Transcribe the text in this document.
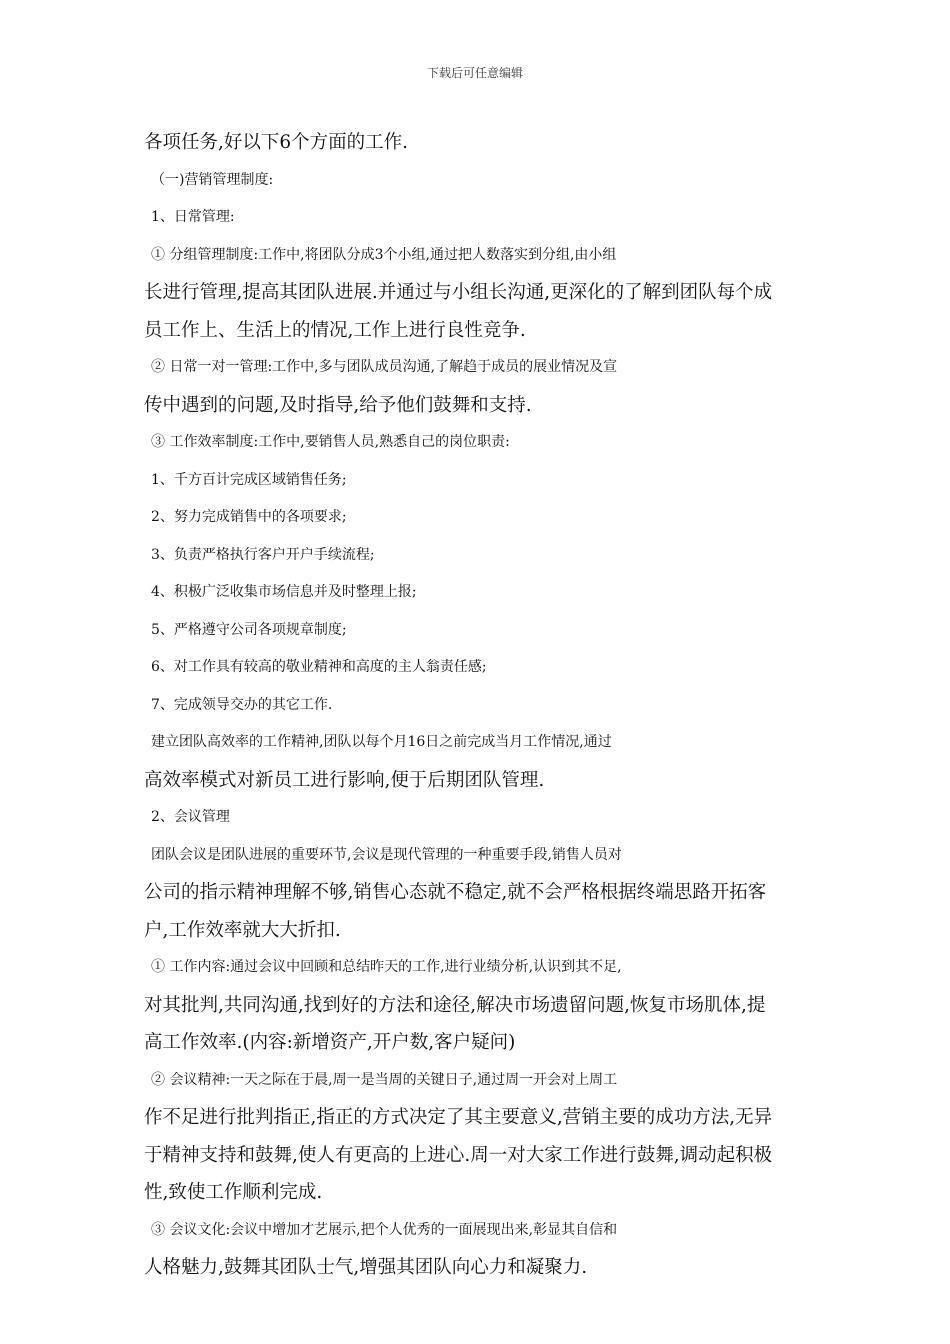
下载后可任意编辑
各项任务,好以下6个方面的工作.
（一)营销管理制度:
1、日常管理:
① 分组管理制度:工作中,将团队分成3个小组,通过把人数落实到分组,由小组
长进行管理,提高其团队进展.并通过与小组长沟通,更深化的了解到团队每个成
员工作上、生活上的情况,工作上进行良性竞争.
② 日常一对一管理:工作中,多与团队成员沟通,了解趋于成员的展业情况及宣
传中遇到的问题,及时指导,给予他们鼓舞和支持.
③ 工作效率制度:工作中,要销售人员,熟悉自己的岗位职责:
1、千方百计完成区域销售任务;
2、努力完成销售中的各项要求;
3、负责严格执行客户开户手续流程;
4、积极广泛收集市场信息并及时整理上报;
5、严格遵守公司各项规章制度;
6、对工作具有较高的敬业精神和高度的主人翁责任感;
7、完成领导交办的其它工作.
建立团队高效率的工作精神,团队以每个月16日之前完成当月工作情况,通过
高效率模式对新员工进行影响,便于后期团队管理.
2、会议管理
团队会议是团队进展的重要环节,会议是现代管理的一种重要手段,销售人员对
公司的指示精神理解不够,销售心态就不稳定,就不会严格根据终端思路开拓客
户,工作效率就大大折扣.
① 工作内容:通过会议中回顾和总结昨天的工作,进行业绩分析,认识到其不足,
对其批判,共同沟通,找到好的方法和途径,解决市场遗留问题,恢复市场肌体,提
高工作效率.(内容:新增资产,开户数,客户疑问)
② 会议精神:一天之际在于晨,周一是当周的关键日子,通过周一开会对上周工
作不足进行批判指正,指正的方式决定了其主要意义,营销主要的成功方法,无异
于精神支持和鼓舞,使人有更高的上进心.周一对大家工作进行鼓舞,调动起积极
性,致使工作顺利完成.
③ 会议文化:会议中增加才艺展示,把个人优秀的一面展现出来,彰显其自信和
人格魅力,鼓舞其团队士气,增强其团队向心力和凝聚力.
